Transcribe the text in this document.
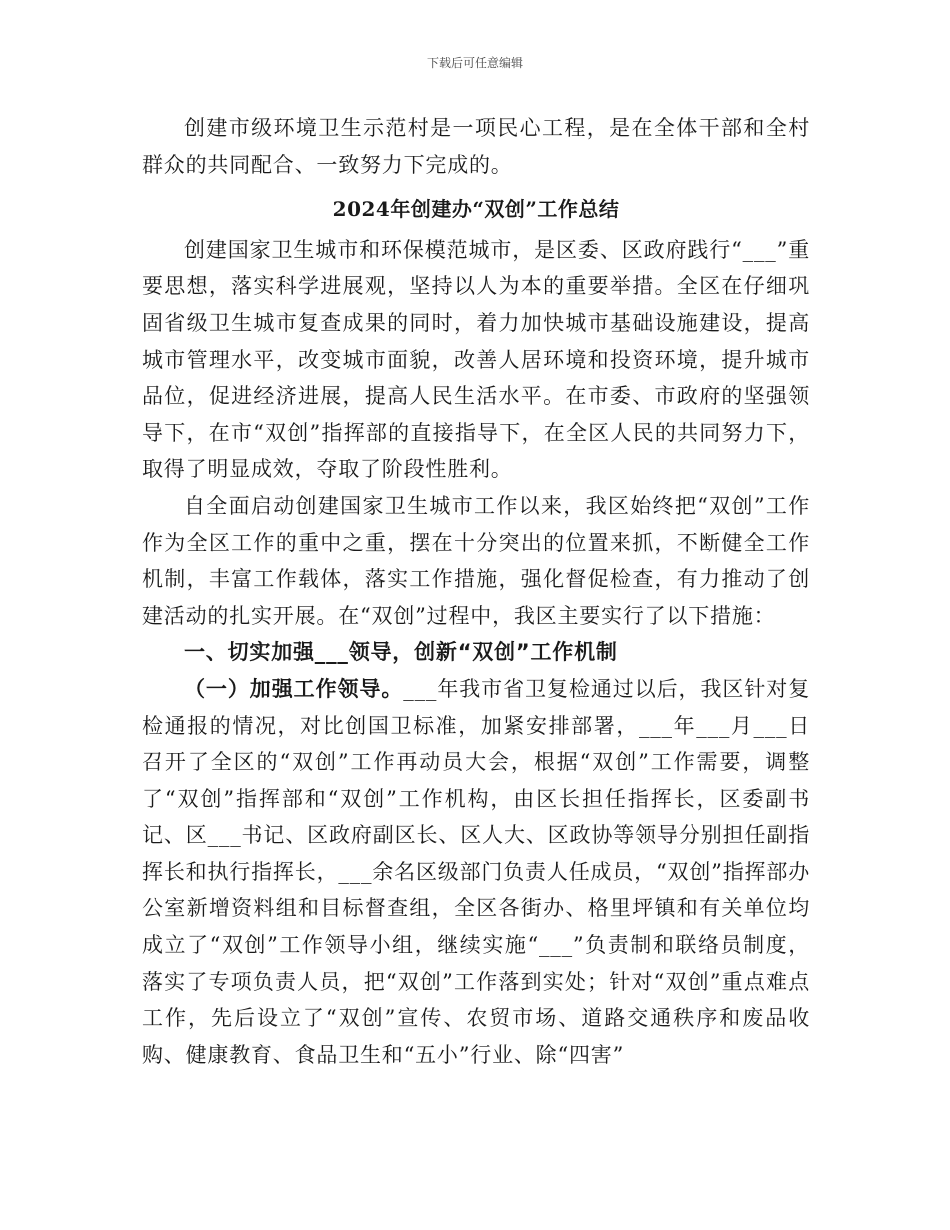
下载后可任意编辑

创建市级环境卫生示范村是一项民心工程，是在全体干部和全村群众的共同配合、一致努力下完成的。

2024年创建办“双创”工作总结

创建国家卫生城市和环保模范城市，是区委、区政府践行“___”重要思想，落实科学进展观，坚持以人为本的重要举措。全区在仔细巩固省级卫生城市复查成果的同时，着力加快城市基础设施建设，提高城市管理水平，改变城市面貌，改善人居环境和投资环境，提升城市品位，促进经济进展，提高人民生活水平。在市委、市政府的坚强领导下，在市“双创”指挥部的直接指导下，在全区人民的共同努力下，取得了明显成效，夺取了阶段性胜利。

自全面启动创建国家卫生城市工作以来，我区始终把“双创”工作作为全区工作的重中之重，摆在十分突出的位置来抓，不断健全工作机制，丰富工作载体，落实工作措施，强化督促检查，有力推动了创建活动的扎实开展。在“双创”过程中，我区主要实行了以下措施：

一、切实加强___领导，创新“双创”工作机制

（一）加强工作领导。___年我市省卫复检通过以后，我区针对复检通报的情况，对比创国卫标准，加紧安排部署，___年___月___日召开了全区的“双创”工作再动员大会，根据“双创”工作需要，调整了“双创”指挥部和“双创”工作机构，由区长担任指挥长，区委副书记、区___书记、区政府副区长、区人大、区政协等领导分别担任副指挥长和执行指挥长，___余名区级部门负责人任成员，“双创”指挥部办公室新增资料组和目标督查组，全区各街办、格里坪镇和有关单位均成立了“双创”工作领导小组，继续实施“___”负责制和联络员制度，落实了专项负责人员，把“双创”工作落到实处；针对“双创”重点难点工作，先后设立了“双创”宣传、农贸市场、道路交通秩序和废品收购、健康教育、食品卫生和“五小”行业、除“四害”
